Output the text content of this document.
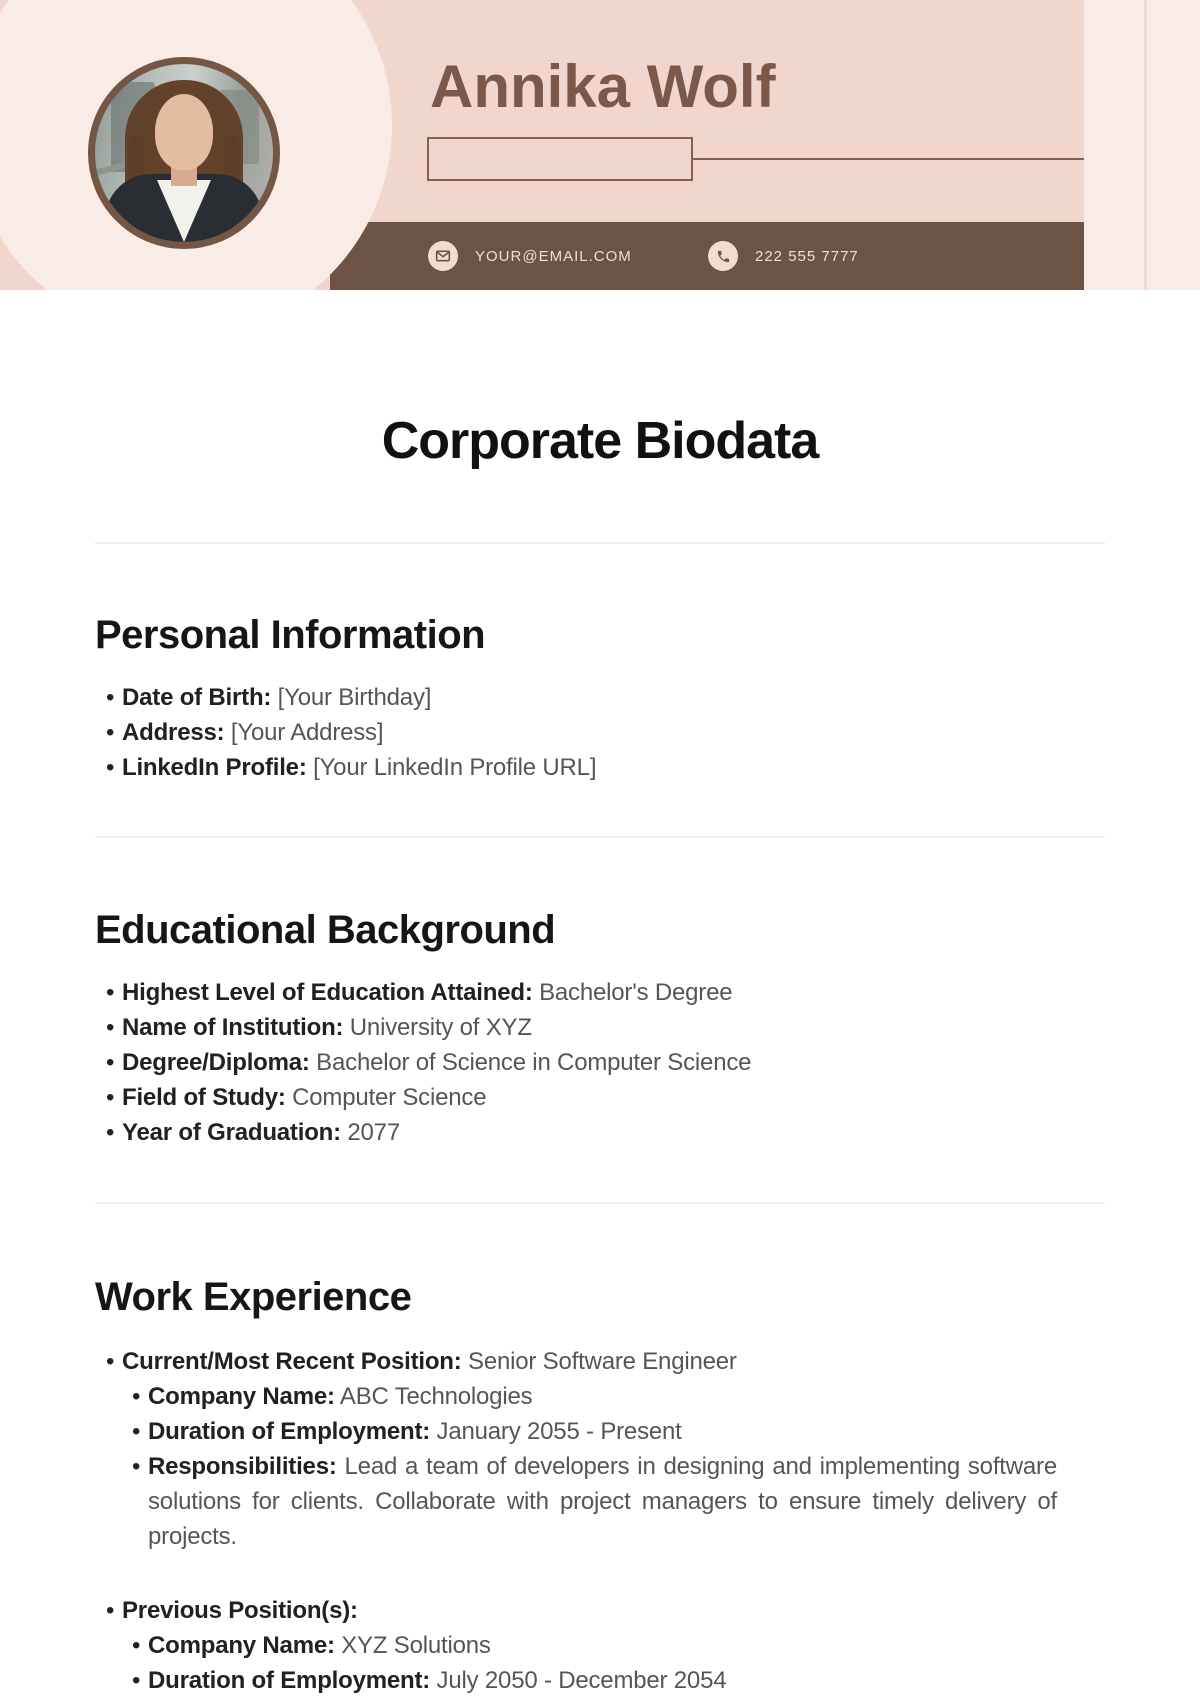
YOUR@EMAIL.COM	222 555 7777
Annika Wolf
Corporate Biodata
Personal Information
• Date of Birth: [Your Birthday]
• Address: [Your Address]
• LinkedIn Profile: [Your LinkedIn Profile URL]
Educational Background
• Highest Level of Education Attained: Bachelor's Degree
• Name of Institution: University of XYZ
• Degree/Diploma: Bachelor of Science in Computer Science
• Field of Study: Computer Science
• Year of Graduation: 2077
Work Experience
• Current/Most Recent Position: Senior Software Engineer
• Company Name: ABC Technologies
• Duration of Employment: January 2055 - Present
• Responsibilities: Lead a team of developers in designing and implementing software solutions for clients. Collaborate with project managers to ensure timely delivery of projects.
• Previous Position(s):
• Company Name: XYZ Solutions
• Duration of Employment: July 2050 - December 2054
